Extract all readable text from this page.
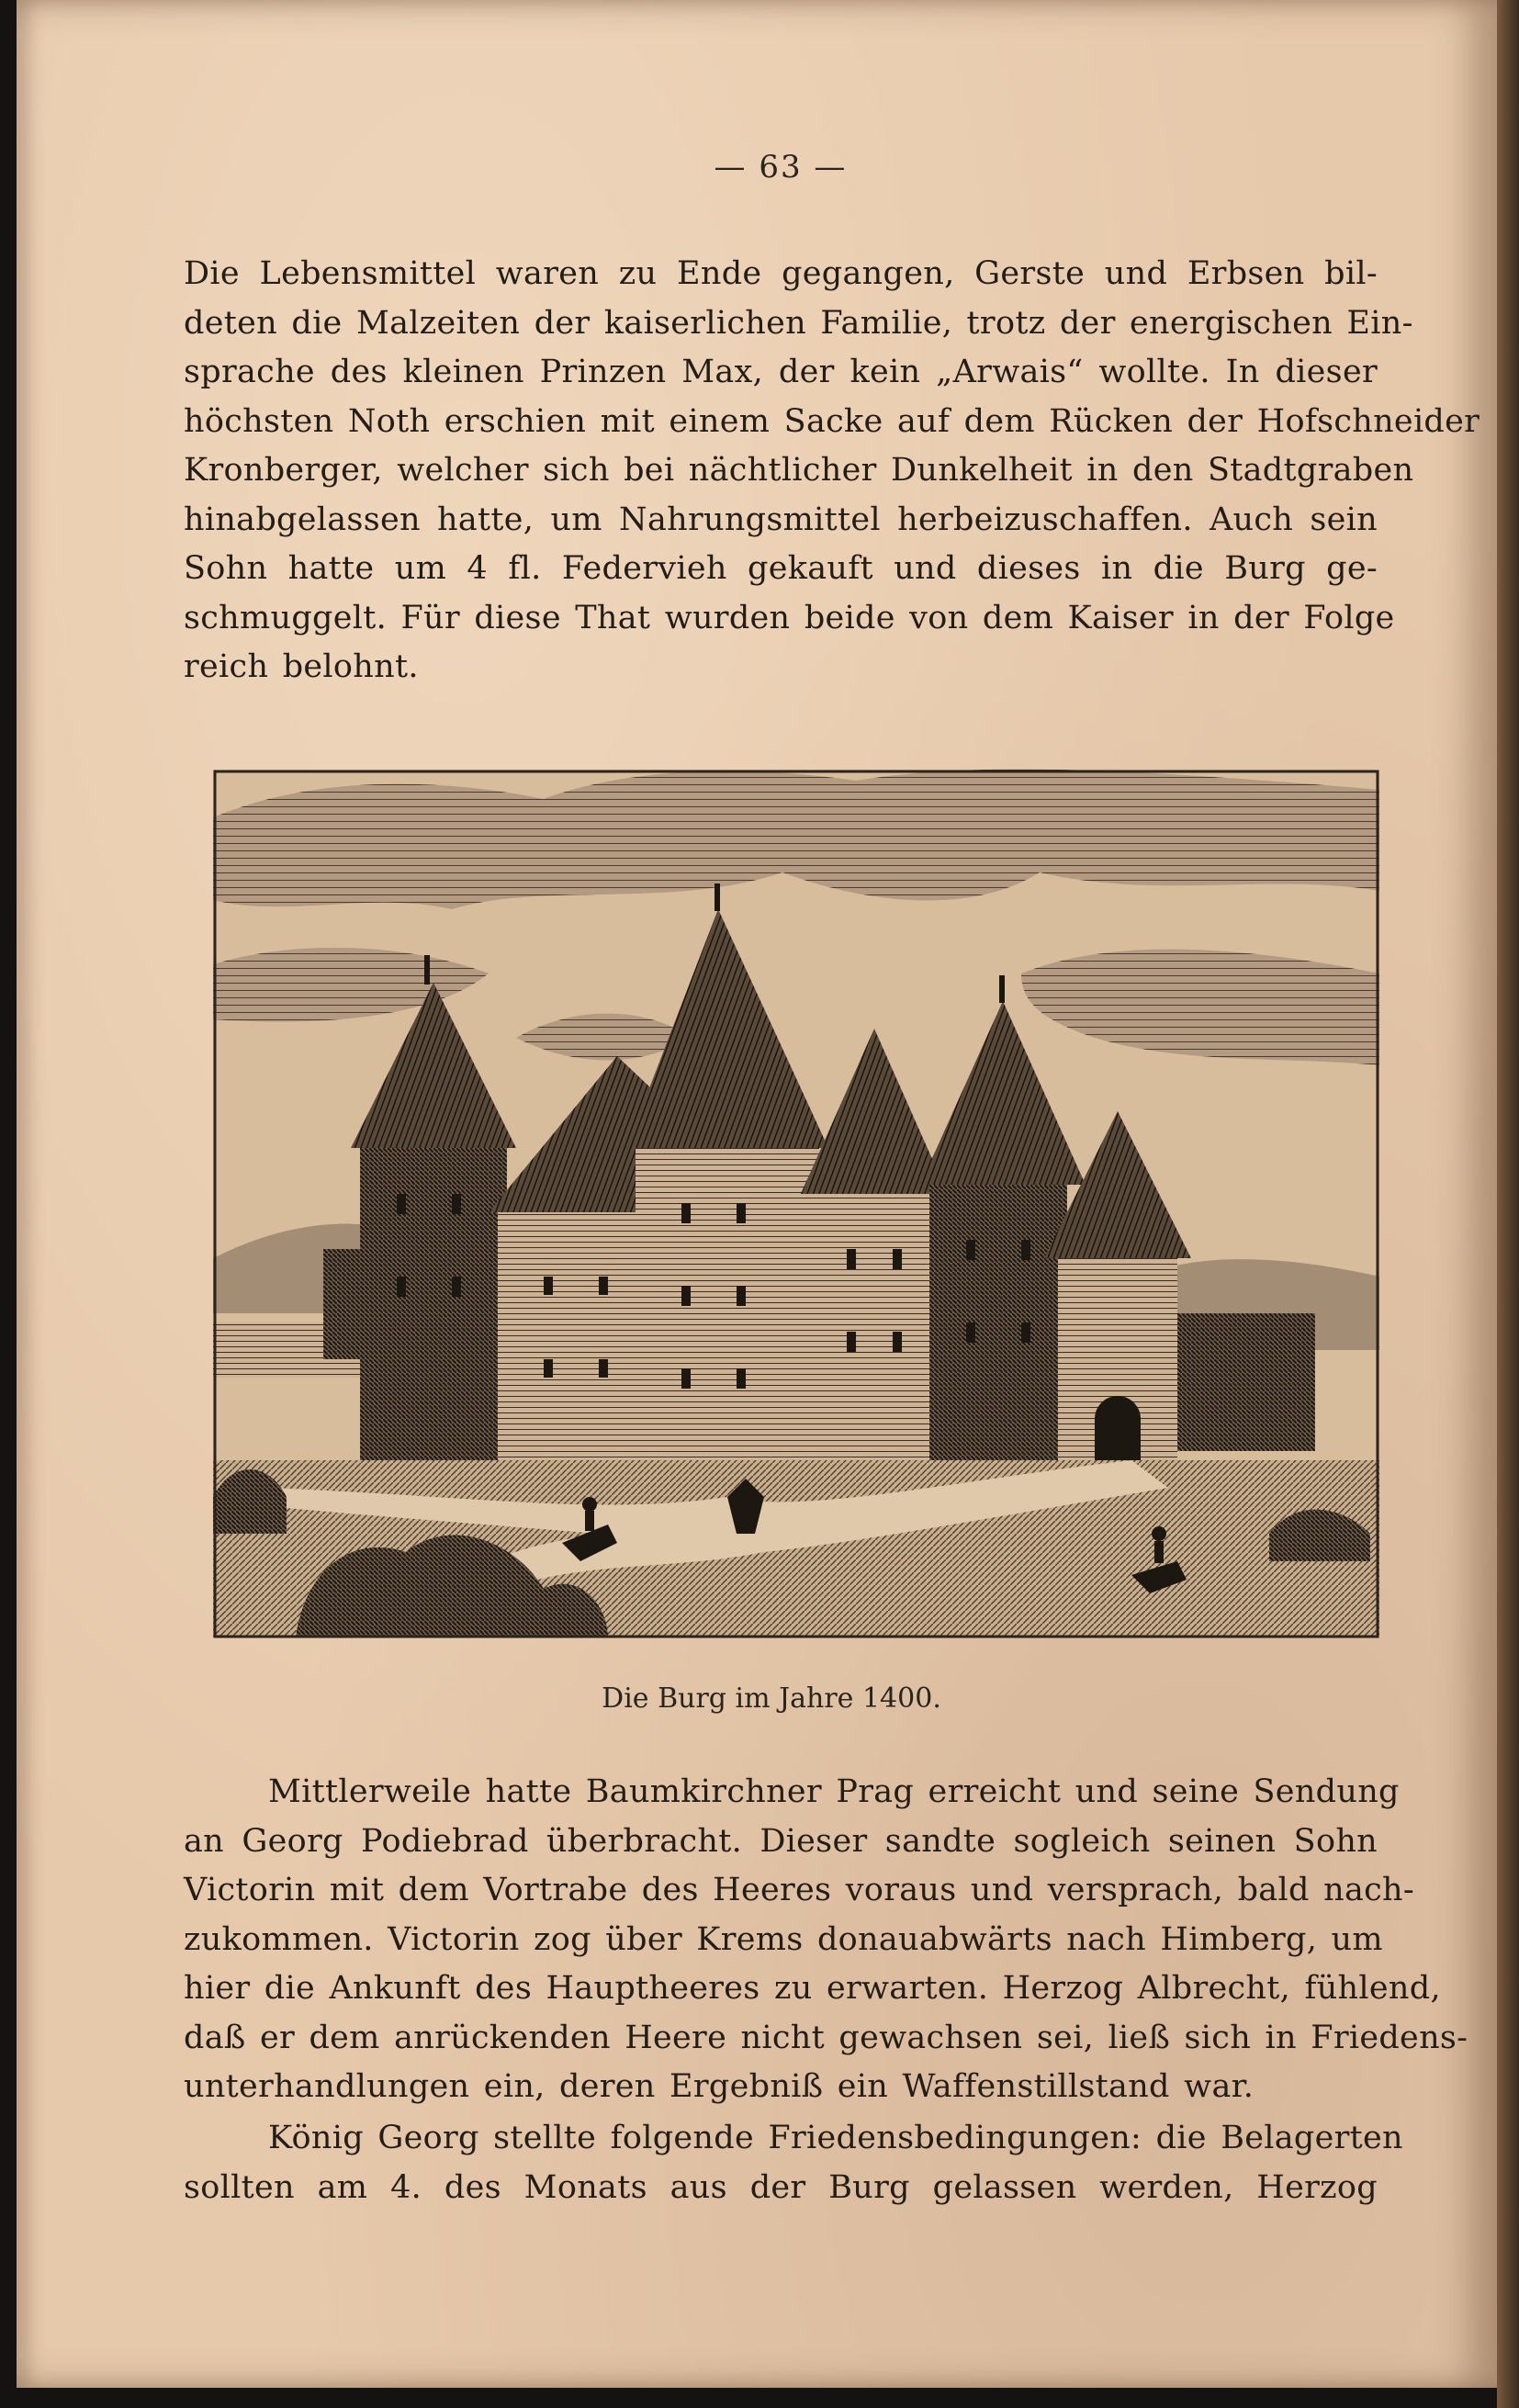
— 63 —
Die Lebensmittel waren zu Ende gegangen, Gerste und Erbsen bil-
deten die Malzeiten der kaiserlichen Familie, trotz der energischen Ein-
sprache des kleinen Prinzen Max, der kein „Arwais“ wollte. In dieser
höchsten Noth erschien mit einem Sacke auf dem Rücken der Hofschneider
Kronberger, welcher sich bei nächtlicher Dunkelheit in den Stadtgraben
hinabgelassen hatte, um Nahrungsmittel herbeizuschaffen. Auch sein
Sohn hatte um 4 fl. Federvieh gekauft und dieses in die Burg ge-
schmuggelt. Für diese That wurden beide von dem Kaiser in der Folge
reich belohnt.
Die Burg im Jahre 1400.
Mittlerweile hatte Baumkirchner Prag erreicht und seine Sendung
an Georg Podiebrad überbracht. Dieser sandte sogleich seinen Sohn
Victorin mit dem Vortrabe des Heeres voraus und versprach, bald nach-
zukommen. Victorin zog über Krems donauabwärts nach Himberg, um
hier die Ankunft des Hauptheeres zu erwarten. Herzog Albrecht, fühlend,
daß er dem anrückenden Heere nicht gewachsen sei, ließ sich in Friedens-
unterhandlungen ein, deren Ergebniß ein Waffenstillstand war.
König Georg stellte folgende Friedensbedingungen: die Belagerten
sollten am 4. des Monats aus der Burg gelassen werden, Herzog
